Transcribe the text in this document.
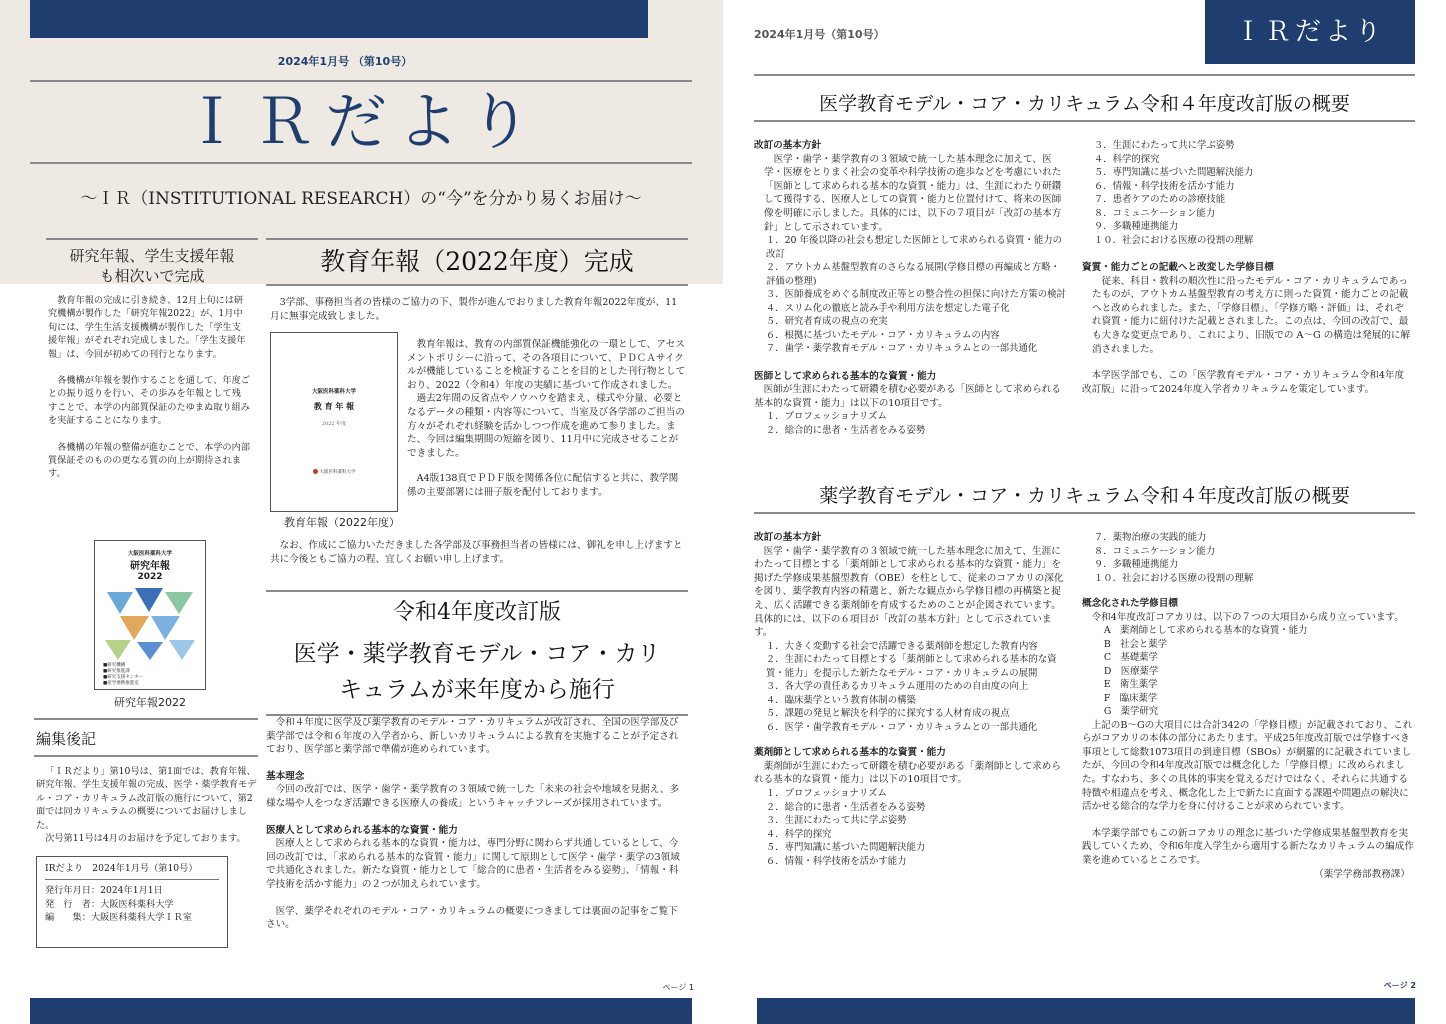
2024年1月号 （第10号）
ＩＲだより
〜ＩＲ（INSTITUTIONAL RESEARCH）の“今”を分かり易くお届け〜
研究年報、学生支援年報
も相次いで完成

教育年報の完成に引き続き、12月上旬には研究機構が製作した「研究年報2022」が、1月中旬には、学生生活支援機構が製作した「学生支援年報」がそれぞれ完成しました。「学生支援年報」は、今回が初めての刊行となります。

各機構が年報を製作することを通して、年度ごとの振り返りを行い、その歩みを年報として残すことで、本学の内部質保証のたゆまぬ取り組みを実証することになります。

各機構の年報の整備が進むことで、本学の内部質保証そのものの更なる質の向上が期待されます。

大阪医科薬科大学
研究年報
2022
■研究機構
■研究推進課
■研究支援センター
■産学連携推進室
研究年報2022
編集後記

「ＩＲだより」第10号は、第1面では、教育年報、研究年報、学生支援年報の完成、医学・薬学教育モデル・コア・カリキュラム改訂版の施行について、第2面では同カリキュラムの概要についてお届けしました。

次号第11号は4月のお届けを予定しております。

IRだより　2024年1月号（第10号）
発行年月日：2024年1月1日
発　行　者：大阪医科薬科大学
編　　集：大阪医科薬科大学ＩＲ室
教育年報（2022年度）完成

3学部、事務担当者の皆様のご協力の下、製作が進んでおりました教育年報2022年度が、11月に無事完成致しました。

大阪医科薬科大学
教 育 年 報
2022 年度
大阪医科薬科大学
教育年報（2022年度）

教育年報は、教育の内部質保証機能強化の一環として、アセスメントポリシーに沿って、その各項目について、ＰＤＣＡサイクルが機能していることを検証することを目的とした刊行物としており、2022（令和4）年度の実績に基づいて作成されました。

過去2年間の反省点やノウハウを踏まえ、様式や分量、必要となるデータの種類・内容等について、当室及び各学部のご担当の方々がそれぞれ経験を活かしつつ作成を進めて参りました。また、今回は編集期間の短縮を図り、11月中に完成させることができました。

A4版138頁でＰＤＦ版を関係各位に配信すると共に、教学関係の主要部署には冊子版を配付しております。

なお、作成にご協力いただきました各学部及び事務担当者の皆様には、御礼を申し上げますと共に今後ともご協力の程、宜しくお願い申し上げます。

令和4年度改訂版
医学・薬学教育モデル・コア・カリ
キュラムが来年度から施行

令和４年度に医学及び薬学教育のモデル・コア・カリキュラムが改訂され、全国の医学部及び薬学部では令和６年度の入学者から、新しいカリキュラムによる教育を実施することが予定されており、医学部と薬学部で準備が進められています。

基本理念

今回の改訂では、医学・歯学・薬学教育の３領域で統一した「未来の社会や地域を見据え、多様な場や人をつなぎ活躍できる医療人の養成」というキャッチフレーズが採用されています。

医療人として求められる基本的な資質・能力

医療人として求められる基本的な資質・能力は、専門分野に関わらず共通しているとして、今回の改訂では、「求められる基本的な資質・能力」に関して原則として医学・歯学・薬学の3領域で共通化されました。新たな資質・能力として「総合的に患者・生活者をみる姿勢」、「情報・科学技術を活かす能力」の２つが加えられています。

医学、薬学それぞれのモデル・コア・カリキュラムの概要につきましては裏面の記事をご覧下さい。

ページ 1
2024年1月号（第10号）	ＩＲだより
医学教育モデル・コア・カリキュラム令和４年度改訂版の概要
改訂の基本方針

医学・歯学・薬学教育の３領域で統一した基本理念に加えて、医学・医療をとりまく社会の変革や科学技術の進歩などを考慮にいれた「医師として求められる基本的な資質・能力」は、生涯にわたり研鑽して獲得する、医療人としての資質・能力と位置付けて、将来の医師像を明確に示しました。具体的には、以下の７項目が「改訂の基本方針」として示されています。

１．20 年後以降の社会も想定した医師として求められる資質・能力の改訂
２．アウトカム基盤型教育のさらなる展開(学修目標の再編成と方略・評価の整理)
３．医師養成をめぐる制度改正等との整合性の担保に向けた方策の検討
４．スリム化の徹底と読み手や利用方法を想定した電子化
５．研究者育成の視点の充実
６．根拠に基づいたモデル・コア・カリキュラムの内容
７．歯学・薬学教育モデル・コア・カリキュラムとの一部共通化
医師として求められる基本的な資質・能力

医師が生涯にわたって研鑽を積む必要がある「医師として求められる基本的な資質・能力」は以下の10項目です。

１．プロフェッショナリズム
２．総合的に患者・生活者をみる姿勢
３．生涯にわたって共に学ぶ姿勢
４．科学的探究
５．専門知識に基づいた問題解決能力
６．情報・科学技術を活かす能力
７．患者ケアのための診療技能
８．コミュニケーション能力
９．多職種連携能力
１０．社会における医療の役割の理解
資質・能力ごとの記載へと改変した学修目標

従来、科目・教科の順次性に沿ったモデル・コア・カリキュラムであったものが、アウトカム基盤型教育の考え方に則った資質・能力ごとの記載へと改められました。また、「学修目標」、「学修方略・評価」は、それぞれ資質・能力に紐付けた記載とされました。この点は、今回の改訂で、最も大きな変更点であり、これにより、旧版での A〜G の構造は発展的に解消されました。

本学医学部でも、この「医学教育モデル・コア・カリキュラム令和4年度改訂版」に沿って2024年度入学者カリキュラムを策定しています。

薬学教育モデル・コア・カリキュラム令和４年度改訂版の概要
改訂の基本方針

医学・歯学・薬学教育の３領域で統一した基本理念に加えて、生涯にわたって目標とする「薬剤師として求められる基本的な資質・能力」を掲げた学修成果基盤型教育（OBE）を柱として、従来のコアカリの深化を図り、薬学教育内容の精選と、新たな観点から学修目標の再構築と捉え、広く活躍できる薬剤師を育成するためのことが企図されています。具体的には、以下の６項目が「改訂の基本方針」として示されています。

１．大きく変動する社会で活躍できる薬剤師を想定した教育内容
２．生涯にわたって目標とする「薬剤師として求められる基本的な資質・能力」を提示した新たなモデル・コア・カリキュラムの展開
３．各大学の責任あるカリキュラム運用のための自由度の向上
４．臨床薬学という教育体制の構築
５．課題の発見と解決を科学的に探究する人材育成の視点
６．医学・歯学教育モデル・コア・カリキュラムとの一部共通化
薬剤師として求められる基本的な資質・能力

薬剤師が生涯にわたって研鑽を積む必要がある「薬剤師として求められる基本的な資質・能力」は以下の10項目です。

１．プロフェッショナリズム
２．総合的に患者・生活者をみる姿勢
３．生涯にわたって共に学ぶ姿勢
４．科学的探究
５．専門知識に基づいた問題解決能力
６．情報・科学技術を活かす能力
７．薬物治療の実践的能力
８．コミュニケーション能力
９．多職種連携能力
１０．社会における医療の役割の理解
概念化された学修目標

令和4年度改訂コアカリは、以下の７つの大項目から成り立っています。

A　薬剤師として求められる基本的な資質・能力
B　社会と薬学
C　基礎薬学
D　医療薬学
E　衛生薬学
F　臨床薬学
G　薬学研究

上記のB〜Gの大項目には合計342の「学修目標」が記載されており、これらがコアカリの本体の部分にあたります。平成25年度改訂版では学修すべき事項として総数1073項目の到達目標（SBOs）が網羅的に記載されていましたが、今回の令和4年度改訂版では概念化した「学修目標」に改められました。すなわち、多くの具体的事実を覚えるだけではなく、それらに共通する特徴や相違点を考え、概念化した上で新たに直面する課題や問題点の解決に活かせる総合的な学力を身に付けることが求められています。

本学薬学部でもこの新コアカリの理念に基づいた学修成果基盤型教育を実践していくため、令和6年度入学生から適用する新たなカリキュラムの編成作業を進めているところです。

（薬学学務部教務課）

ページ 2
